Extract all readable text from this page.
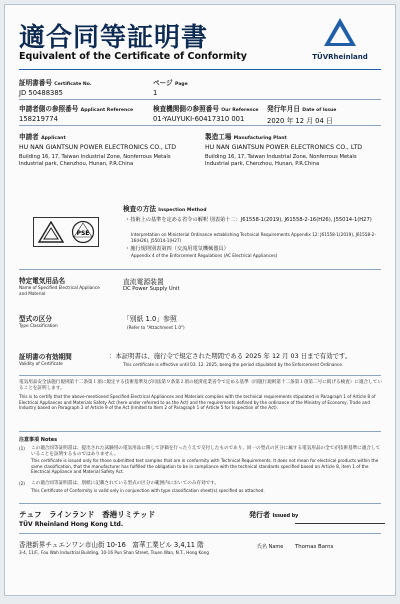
適合同等証明書
Equivalent of the Certificate of Conformity	TÜVRheinland
証明書番号 Certificate No.
JD 50488385
ページ Page
1
申請者側の参照番号 Applicant Reference
158219774
検査機関側の参照番号 Our Reference
01-YAUYUKI-60417310 001
発行年月日 Date of Issue
2020 年 12 月 04 日
申請者 Applicant
HU NAN GIANTSUN POWER ELECTRONICS CO., LTD
Building 16, 17, Taiwan Industrial Zone, Nonferrous Metals Industrial park, Chenzhou, Hunan, P.R.China
製造工場 Manufacturing Plant
HU NAN GIANTSUN POWER ELECTRONICS CO., LTD
Building 16, 17, Taiwan Industrial Zone, Nonferrous Metals Industrial park, Chenzhou, Hunan, P.R.China
PSE
検査の方法 Inspection Method
・技術上の基準を定める省令の解釈 別表第十二：J61558-1(2019), J61558-2-16(H26), J55014-1(H27)
Interpretation on Ministerial Ordinance establishing Technical Requirements Appendix 12: J61558-1(2019), J61558-2-16(H26), J55014-1(H27)
・施行規則別表第四（交流用電気機械器具）
Appendix 4 of the Enforcement Regulations (AC Electrical Appliances)
特定電気用品名
Name of Specified Electrical Appliance and Material
直流電源装置
DC Power Supply Unit
型式の区分
Type Classification
「別紙 1.0」参照
(Refer to "Attachment 1.0")
証明書の有効期間
Validity of Certificate
：本証明書は、施行令で規定された期間である 2025 年 12 月 03 日まで有効です。
This certificate is effective until 03. 12. 2025, being the period stipulated by the Enforcement Ordinance.
電気用品安全法施行規則第十二条第１項に規定する技術基準及び同法第９条第２項の経済産業省令で定める基準（同施行規則第十二条第１項第二号に掲げる検査）に適合していることを証明します。
This is to certify that the above-mentioned Specified Electrical Appliances and Materials complies with the technical requirements stipulated in Paragraph 1 of Article 8 of Electrical Appliances and Materials Safety Act (here under referred to as the Act) and the requirements defined by the ordinance of the Ministry of Economy, Trade and Industry based on Paragraph 2 of Article 9 of the Act (limited to Item 2 of Paragraph 1 of Article 5 for Inspection of the Act).
注意事項 Notes
(1)	この適合同等証明書は、提出された試験用の電気用品に関して評価を行ったうえで交付したものであり、同一の型式の区分に属する電気用品の全てが技術基準に適合していることを証明するものではありません。
This certificate is issued only for those submitted test samples that are in conformity with Technical Requirements. It does not mean for electrical products within the same classification, that the manufacturer has fulfilled the obligation to be in compliance with the technical standards specified based on Article 8, item 1 of the Electrical Appliance and Material Safety Act.
(2)	この適合同等証明書は、別紙に記載されている型式の区分の範囲内においてのみ有効です。
This Certificate of Conformity is valid only in conjunction with type classification sheet(s) specified as attached.
テュフ　ラインランド　香港リミテッド
TÜV Rheinland Hong Kong Ltd.
発行者 Issued by
香港新界チュエンワン市山街 10-16　富華工業ビル 3,4,11 階
3-4, 11/F., Fou Wah Industrial Building, 10-16 Pun Shan Street, Tsuen Wan, N.T., Hong Kong
氏名 Name Thomas Barns
